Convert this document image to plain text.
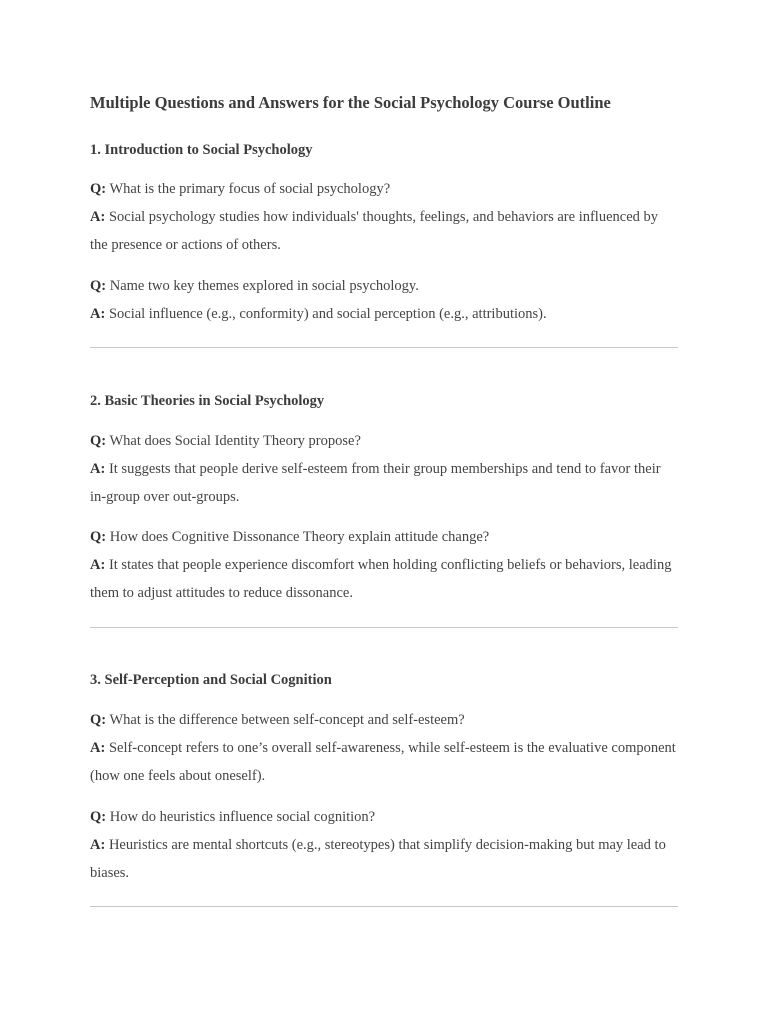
Multiple Questions and Answers for the Social Psychology Course Outline
1. Introduction to Social Psychology
Q: What is the primary focus of social psychology?
A: Social psychology studies how individuals' thoughts, feelings, and behaviors are influenced by the presence or actions of others.
Q: Name two key themes explored in social psychology.
A: Social influence (e.g., conformity) and social perception (e.g., attributions).
2. Basic Theories in Social Psychology
Q: What does Social Identity Theory propose?
A: It suggests that people derive self-esteem from their group memberships and tend to favor their in-group over out-groups.
Q: How does Cognitive Dissonance Theory explain attitude change?
A: It states that people experience discomfort when holding conflicting beliefs or behaviors, leading them to adjust attitudes to reduce dissonance.
3. Self-Perception and Social Cognition
Q: What is the difference between self-concept and self-esteem?
A: Self-concept refers to one’s overall self-awareness, while self-esteem is the evaluative component (how one feels about oneself).
Q: How do heuristics influence social cognition?
A: Heuristics are mental shortcuts (e.g., stereotypes) that simplify decision-making but may lead to biases.
